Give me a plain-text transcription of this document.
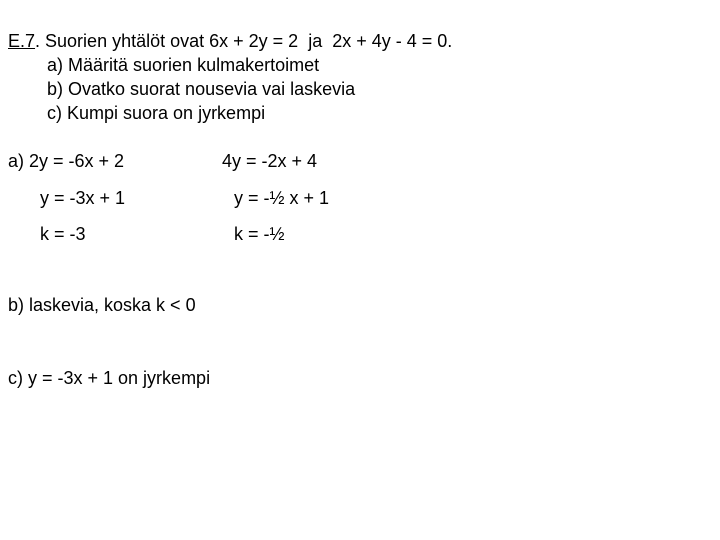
E.7. Suorien yhtälöt ovat 6x + 2y = 2  ja  2x + 4y - 4 = 0.
a) Määritä suorien kulmakertoimet
b) Ovatko suorat nousevia vai laskevia
c) Kumpi suora on jyrkempi
a) 2y = -6x + 2	4y = -2x + 4
y = -3x + 1	y = -½ x + 1
k = -3	k = -½
b) laskevia, koska k < 0
c) y = -3x + 1 on jyrkempi
